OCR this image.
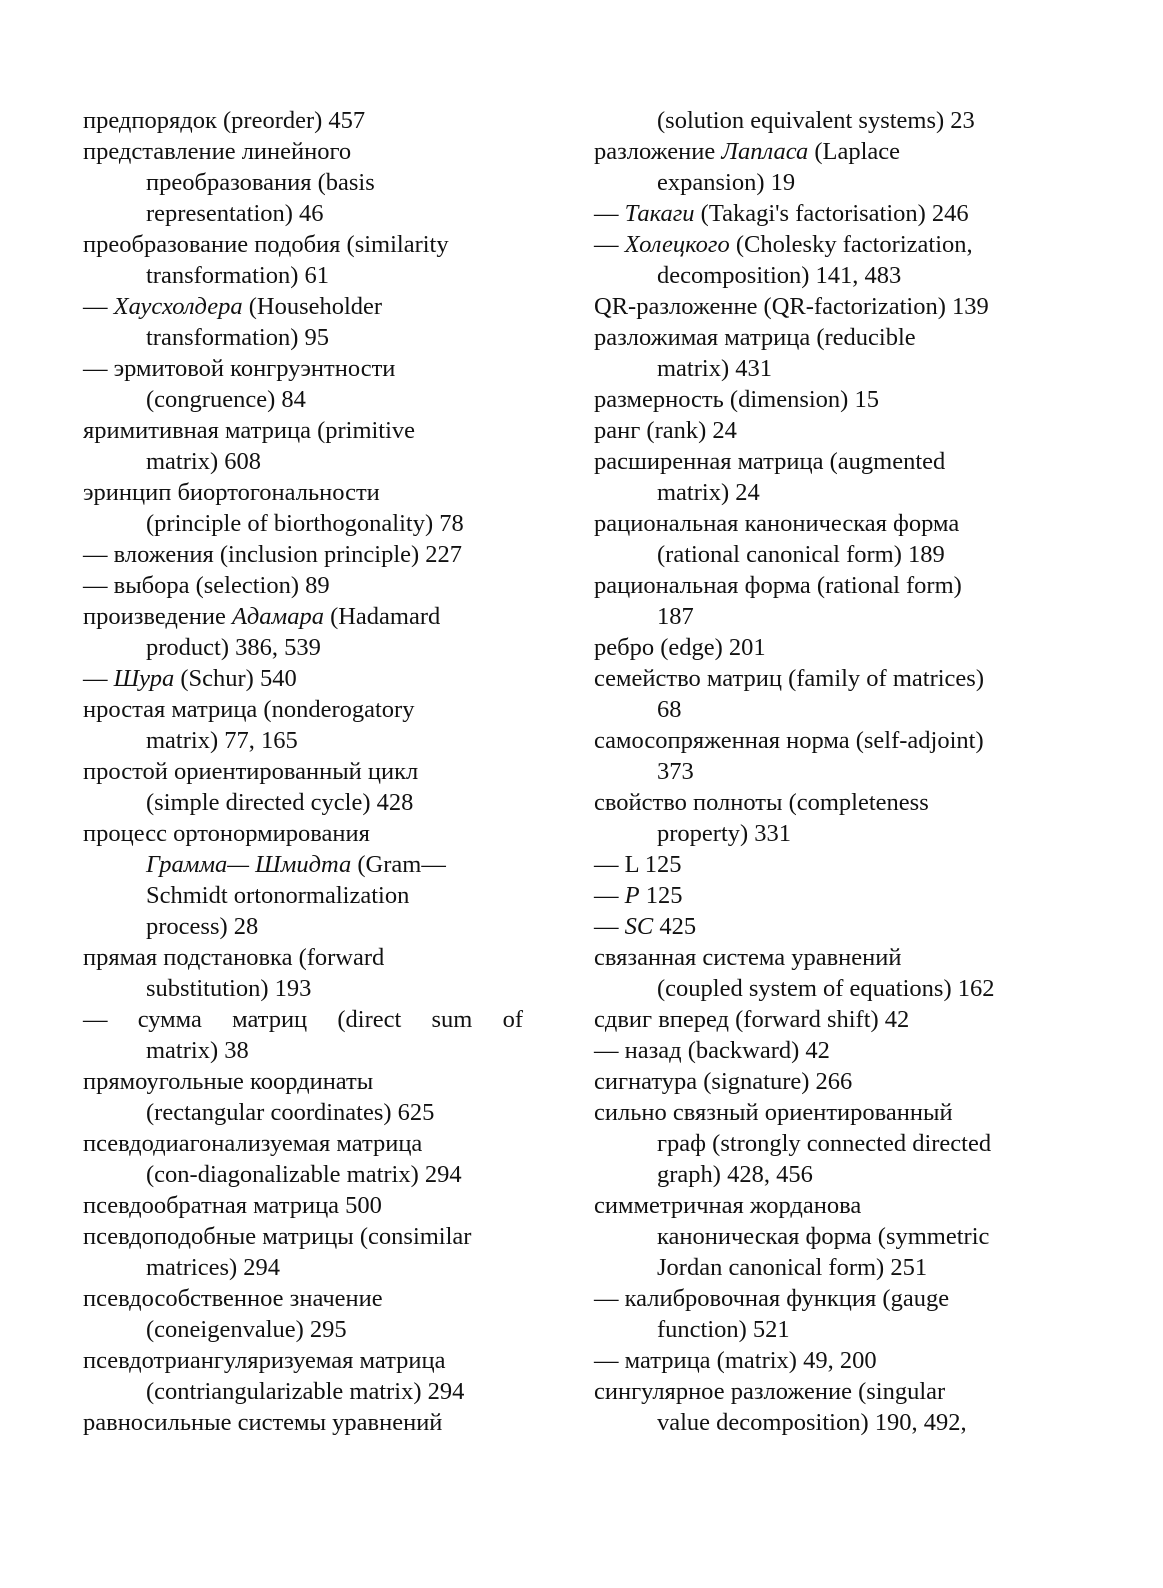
предпорядок (preorder) 457
представление линейного
преобразования (basis
representation) 46
преобразование подобия (similarity
transformation) 61
— Хаусхолдера (Householder
transformation) 95
— эрмитовой конгруэнтности
(congruence) 84
яримитивная матрица (primitive
matrix) 608
эринцип биортогональности
(principle of biorthogonality) 78
— вложения (inclusion principle) 227
— выбора (selection) 89
произведение Адамара (Hadamard
product) 386, 539
— Шура (Schur) 540
нростая матрица (nonderogatory
matrix) 77, 165
простой ориентированный цикл
(simple directed cycle) 428
процесс ортонормирования
Грамма— Шмидта (Gram—
Schmidt ortonormalization
process) 28
прямая подстановка (forward
substitution) 193
— сумма матриц (direct sum of
matrix) 38
прямоугольные координаты
(rectangular coordinates) 625
псевдодиагонализуемая матрица
(con-diagonalizable matrix) 294
псевдообратная матрица 500
псевдоподобные матрицы (consimilar
matrices) 294
псевдособственное значение
(coneigenvalue) 295
псевдотриангуляризуемая матрица
(contriangularizable matrix) 294
равносильные системы уравнений
(solution equivalent systems) 23
разложение Лапласа (Laplace
expansion) 19
— Такаги (Takagi's factorisation) 246
— Холецкого (Cholesky factorization,
decomposition) 141, 483
QR-разложенне (QR-factorization) 139
разложимая матрица (reducible
matrix) 431
размерность (dimension) 15
ранг (rank) 24
расширенная матрица (augmented
matrix) 24
рациональная каноническая форма
(rational canonical form) 189
рациональная форма (rational form)
187
ребро (edge) 201
семейство матриц (family of matrices)
68
самосопряженная норма (self-adjoint)
373
свойство полноты (completeness
property) 331
— L 125
— P 125
— SC 425
связанная система уравнений
(coupled system of equations) 162
сдвиг вперед (forward shift) 42
— назад (backward) 42
сигнатура (signature) 266
сильно связный ориентированный
граф (strongly connected directed
graph) 428, 456
симметричная жорданова
каноническая форма (symmetric
Jordan canonical form) 251
— калибровочная функция (gauge
function) 521
— матрица (matrix) 49, 200
сингулярное разложение (singular
value decomposition) 190, 492,
